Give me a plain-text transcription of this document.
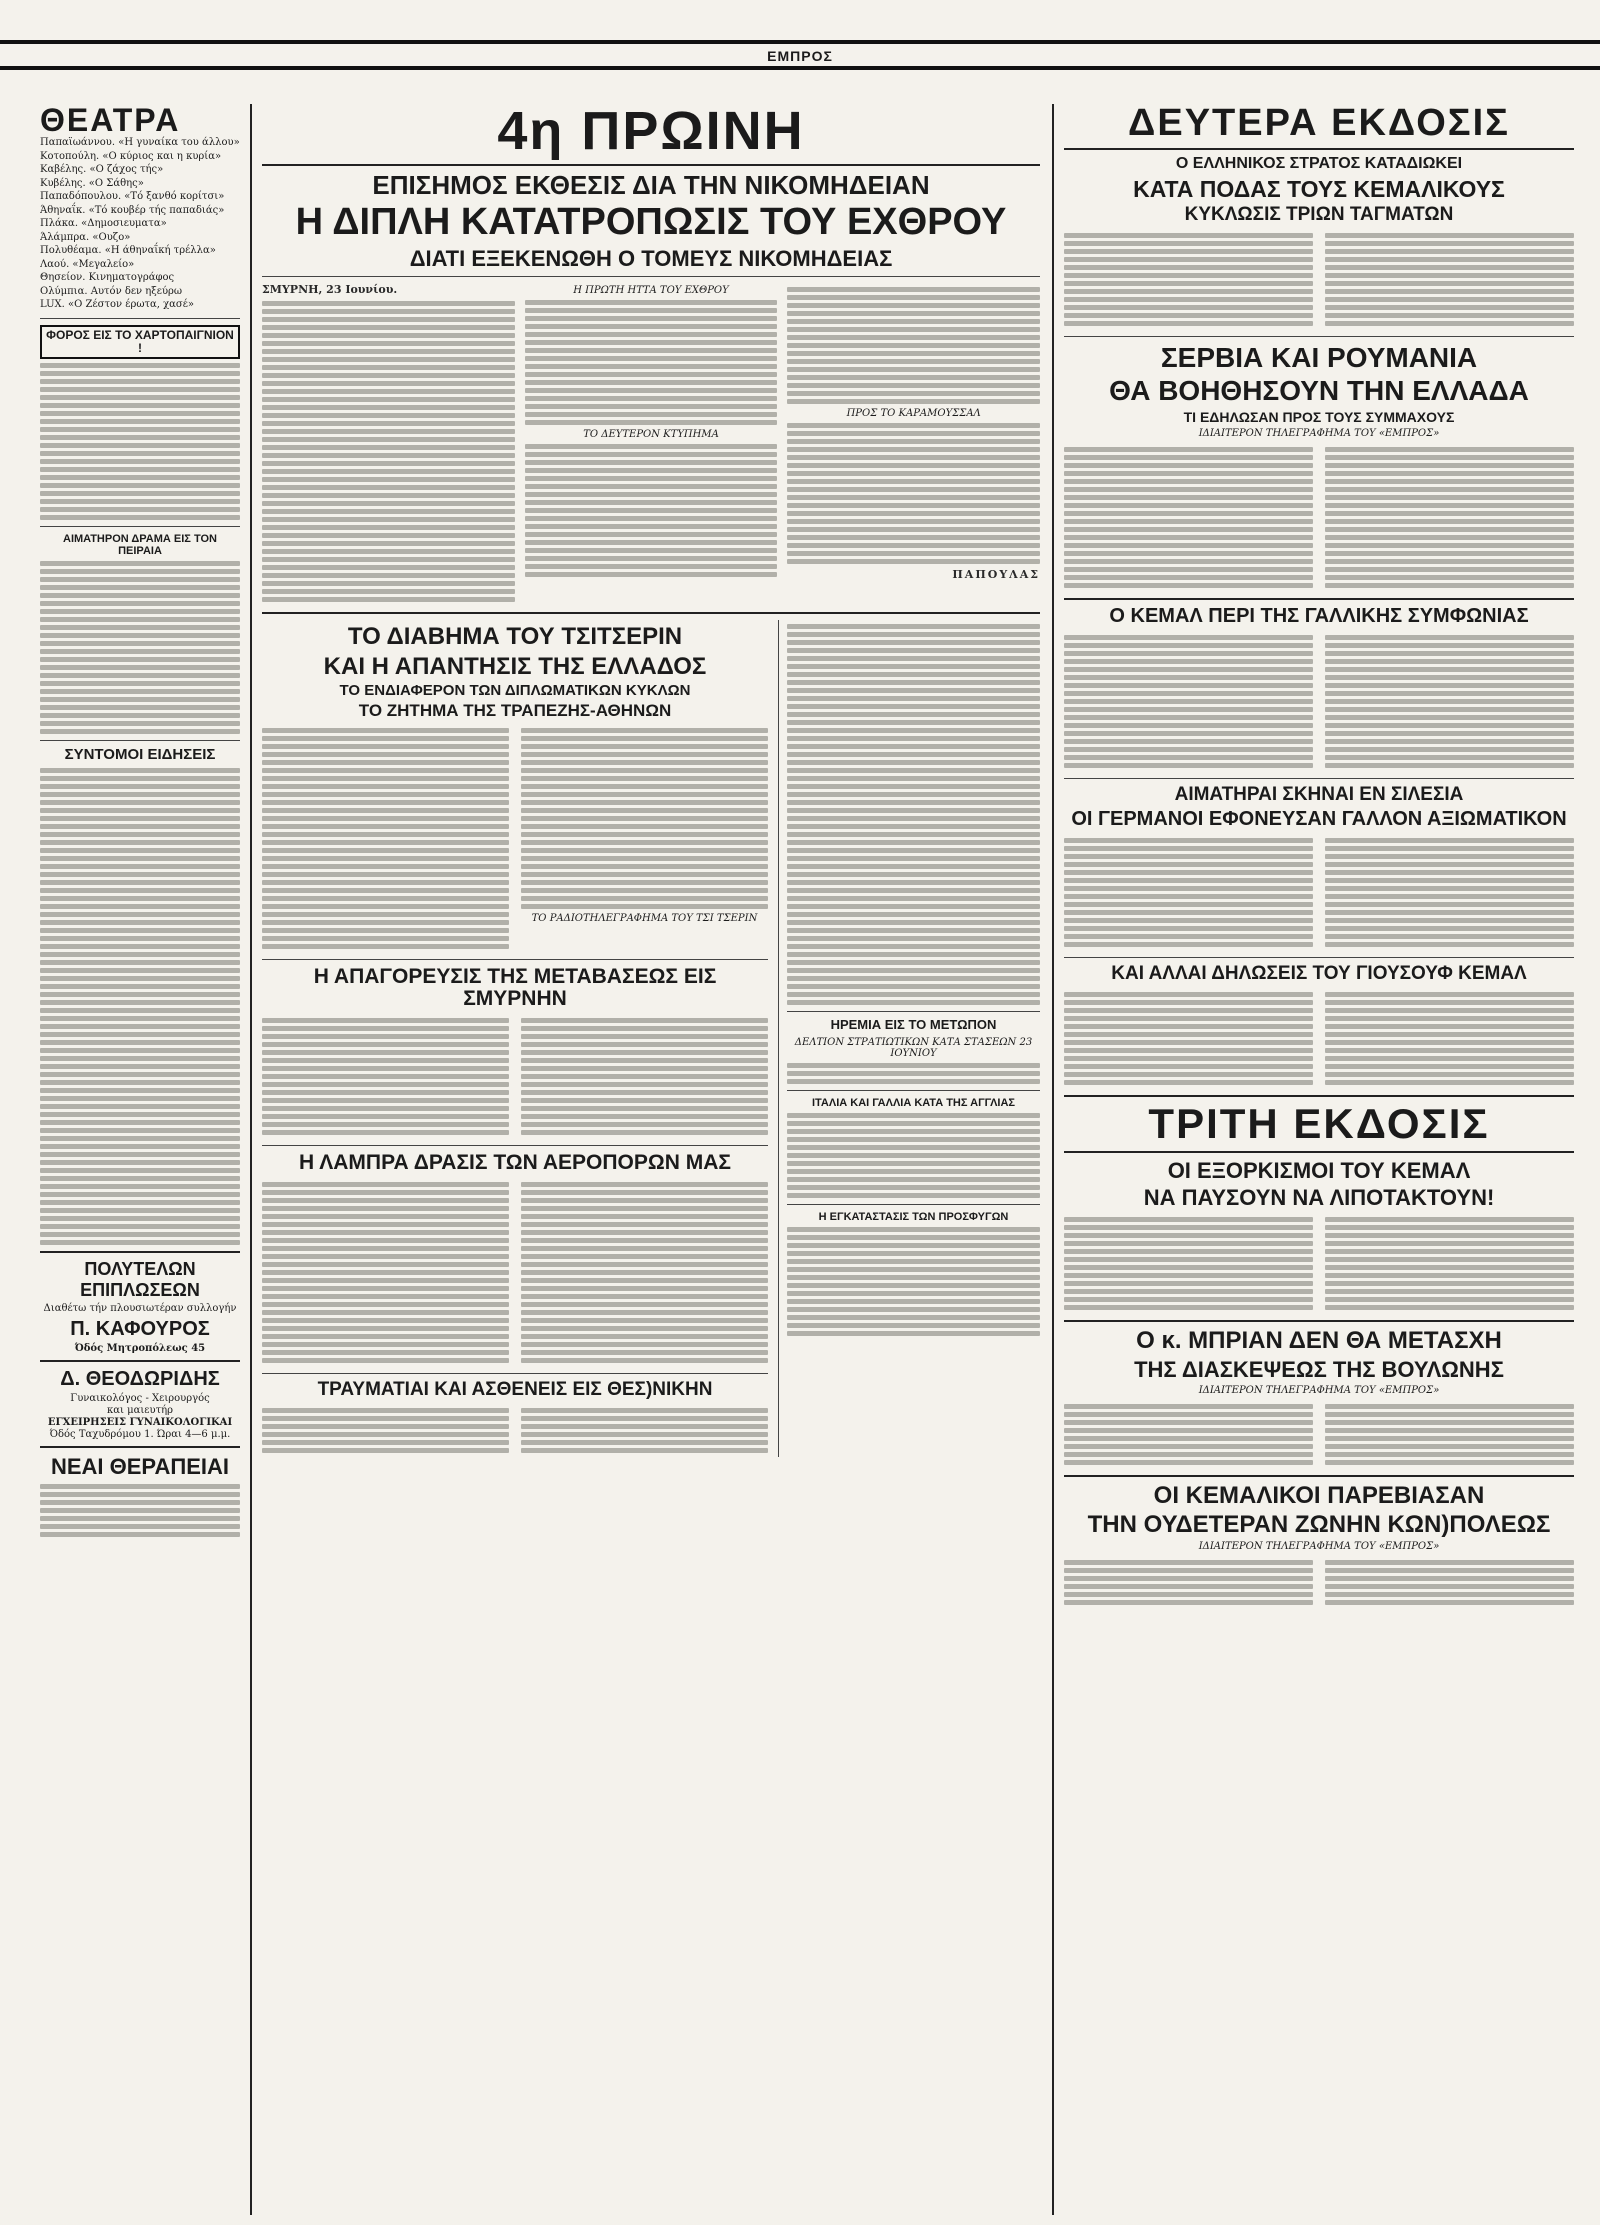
ΕΜΠΡΟΣ
ΘΕΑΤΡΑ
Παπαϊωάννου. «Η γυναίκα του άλλου»
Κοτοπούλη. «Ο κύριος και η κυρία»
Καβέλης. «Ο ζάχος τής»
Κυβέλης. «Ο Σάθης»
Παπαδόπουλου. «Τό ξανθό κορίτσι»
Άθηναΐκ. «Τό κουβέρ τής παπαδιάς»
Πλάκα. «Δημοσιευματα»
Άλάμπρα. «Ουζο»
Πολυθέαμα. «Η άθηναΐκή τρέλλα»
Λαού. «Μεγαλείο»
Θησείον. Κινηματογράφος
Ολύμπια. Αυτόν δεν ηξεύρω
LUX. «Ο Ζέστον έρωτα, χασέ»
ΦΟΡΟΣ ΕΙΣ ΤΟ ΧΑΡΤΟΠΑΙΓΝΙΟΝ !
ΑΙΜΑΤΗΡΟΝ ΔΡΑΜΑ ΕΙΣ ΤΟΝ ΠΕΙΡΑΙΑ
ΣΥΝΤΟΜΟΙ ΕΙΔΗΣΕΙΣ
ΠΟΛΥΤΕΛΩΝ ΕΠΙΠΛΩΣΕΩΝ
Διαθέτω τήν πλουσιωτέραν συλλογήν
Π. ΚΑΦΟΥΡΟΣ
Όδός Μητροπόλεως 45
Δ. ΘΕΟΔΩΡΙΔΗΣ
Γυναικολόγος - Χειρουργός
και μαιευτήρ
ΕΓΧΕΙΡΗΣΕΙΣ ΓΥΝΑΙΚΟΛΟΓΙΚΑΙ
Όδός Ταχυδρόμου 1. Ώραι 4—6 μ.μ.
ΝΕΑΙ ΘΕΡΑΠΕΙΑΙ
4η ΠΡΩΙΝΗ
ΕΠΙΣΗΜΟΣ ΕΚΘΕΣΙΣ ΔΙΑ ΤΗΝ ΝΙΚΟΜΗΔΕΙΑΝ
Η ΔΙΠΛΗ ΚΑΤΑΤΡΟΠΩΣΙΣ ΤΟΥ ΕΧΘΡΟΥ
ΔΙΑΤΙ ΕΞΕΚΕΝΩΘΗ Ο ΤΟΜΕΥΣ ΝΙΚΟΜΗΔΕΙΑΣ
ΣΜΥΡΝΗ, 23 Ιουνίου.	Η ΠΡΩΤΗ ΗΤΤΑ ΤΟΥ ΕΧΘΡΟΥ
ΤΟ ΔΕΥΤΕΡΟΝ ΚΤΥΠΗΜΑ
ΠΡΟΣ ΤΟ ΚΑΡΑΜΟΥΣΣΑΛ
ΠΑΠΟΥΛΑΣ
ΤΟ ΔΙΑΒΗΜΑ ΤΟΥ ΤΣΙΤΣΕΡΙΝ
ΚΑΙ Η ΑΠΑΝΤΗΣΙΣ ΤΗΣ ΕΛΛΑΔΟΣ
ΤΟ ΕΝΔΙΑΦΕΡΟΝ ΤΩΝ ΔΙΠΛΩΜΑΤΙΚΩΝ ΚΥΚΛΩΝ
ΤΟ ΖΗΤΗΜΑ ΤΗΣ ΤΡΑΠΕΖΗΣ-ΑΘΗΝΩΝ
ΤΟ ΡΑΔΙΟΤΗΛΕΓΡΑΦΗΜΑ ΤΟΥ ΤΣΙ ΤΣΕΡΙΝ
Η ΑΠΑΓΟΡΕΥΣΙΣ ΤΗΣ ΜΕΤΑΒΑΣΕΩΣ ΕΙΣ ΣΜΥΡΝΗΝ
Η ΛΑΜΠΡΑ ΔΡΑΣΙΣ ΤΩΝ ΑΕΡΟΠΟΡΩΝ ΜΑΣ
ΤΡΑΥΜΑΤΙΑΙ ΚΑΙ ΑΣΘΕΝΕΙΣ ΕΙΣ ΘΕΣ)ΝΙΚΗΝ
ΗΡΕΜΙΑ ΕΙΣ ΤΟ ΜΕΤΩΠΟΝ
ΔΕΛΤΙΟΝ ΣΤΡΑΤΙΩΤΙΚΩΝ ΚΑΤΑ ΣΤΑΣΕΩΝ 23 ΙΟΥΝΙΟΥ
ΙΤΑΛΙΑ ΚΑΙ ΓΑΛΛΙΑ ΚΑΤΑ ΤΗΣ ΑΓΓΛΙΑΣ
Η ΕΓΚΑΤΑΣΤΑΣΙΣ ΤΩΝ ΠΡΟΣΦΥΓΩΝ
ΔΕΥΤΕΡΑ ΕΚΔΟΣΙΣ
Ο ΕΛΛΗΝΙΚΟΣ ΣΤΡΑΤΟΣ ΚΑΤΑΔΙΩΚΕΙ
ΚΑΤΑ ΠΟΔΑΣ ΤΟΥΣ ΚΕΜΑΛΙΚΟΥΣ
ΚΥΚΛΩΣΙΣ ΤΡΙΩΝ ΤΑΓΜΑΤΩΝ
ΣΕΡΒΙΑ ΚΑΙ ΡΟΥΜΑΝΙΑ
ΘΑ ΒΟΗΘΗΣΟΥΝ ΤΗΝ ΕΛΛΑΔΑ
ΤΙ ΕΔΗΛΩΣΑΝ ΠΡΟΣ ΤΟΥΣ ΣΥΜΜΑΧΟΥΣ
ΙΔΙΑΙΤΕΡΟΝ ΤΗΛΕΓΡΑΦΗΜΑ ΤΟΥ «ΕΜΠΡΟΣ»
Ο ΚΕΜΑΛ ΠΕΡΙ ΤΗΣ ΓΑΛΛΙΚΗΣ ΣΥΜΦΩΝΙΑΣ
ΑΙΜΑΤΗΡΑΙ ΣΚΗΝΑΙ ΕΝ ΣΙΛΕΣΙΑ
ΟΙ ΓΕΡΜΑΝΟΙ ΕΦΟΝΕΥΣΑΝ ΓΑΛΛΟΝ ΑΞΙΩΜΑΤΙΚΟΝ
ΚΑΙ ΑΛΛΑΙ ΔΗΛΩΣΕΙΣ ΤΟΥ ΓΙΟΥΣΟΥΦ ΚΕΜΑΛ
ΤΡΙΤΗ ΕΚΔΟΣΙΣ
ΟΙ ΕΞΟΡΚΙΣΜΟΙ ΤΟΥ ΚΕΜΑΛ
ΝΑ ΠΑΥΣΟΥΝ ΝΑ ΛΙΠΟΤΑΚΤΟΥΝ!
Ο κ. ΜΠΡΙΑΝ ΔΕΝ ΘΑ ΜΕΤΑΣΧΗ
ΤΗΣ ΔΙΑΣΚΕΨΕΩΣ ΤΗΣ ΒΟΥΛΩΝΗΣ
ΙΔΙΑΙΤΕΡΟΝ ΤΗΛΕΓΡΑΦΗΜΑ ΤΟΥ «ΕΜΠΡΟΣ»
ΟΙ ΚΕΜΑΛΙΚΟΙ ΠΑΡΕΒΙΑΣΑΝ
ΤΗΝ ΟΥΔΕΤΕΡΑΝ ΖΩΝΗΝ ΚΩΝ)ΠΟΛΕΩΣ
ΙΔΙΑΙΤΕΡΟΝ ΤΗΛΕΓΡΑΦΗΜΑ ΤΟΥ «ΕΜΠΡΟΣ»
